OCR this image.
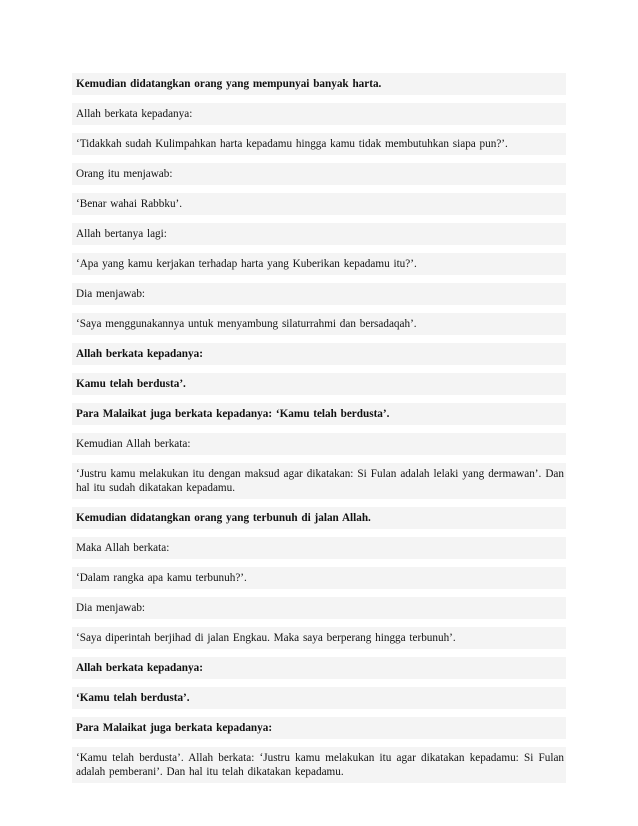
Kemudian didatangkan orang yang mempunyai banyak harta.

Allah berkata kepadanya:

‘Tidakkah sudah Kulimpahkan harta kepadamu hingga kamu tidak membutuhkan siapa pun?’.

Orang itu menjawab:

‘Benar wahai Rabbku’.

Allah bertanya lagi:

‘Apa yang kamu kerjakan terhadap harta yang Kuberikan kepadamu itu?’.

Dia menjawab:

‘Saya menggunakannya untuk menyambung silaturrahmi dan bersadaqah’.

Allah berkata kepadanya:

Kamu telah berdusta’.

Para Malaikat juga berkata kepadanya: ‘Kamu telah berdusta’.

Kemudian Allah berkata:

‘Justru kamu melakukan itu dengan maksud agar dikatakan: Si Fulan adalah lelaki yang dermawan’. Dan hal itu sudah dikatakan kepadamu.

Kemudian didatangkan orang yang terbunuh di jalan Allah.

Maka Allah berkata:

‘Dalam rangka apa kamu terbunuh?’.

Dia menjawab:

‘Saya diperintah berjihad di jalan Engkau. Maka saya berperang hingga terbunuh’.

Allah berkata kepadanya:

‘Kamu telah berdusta’.

Para Malaikat juga berkata kepadanya:

‘Kamu telah berdusta’. Allah berkata: ‘Justru kamu melakukan itu agar dikatakan kepadamu: Si Fulan adalah pemberani’. Dan hal itu telah dikatakan kepadamu.
